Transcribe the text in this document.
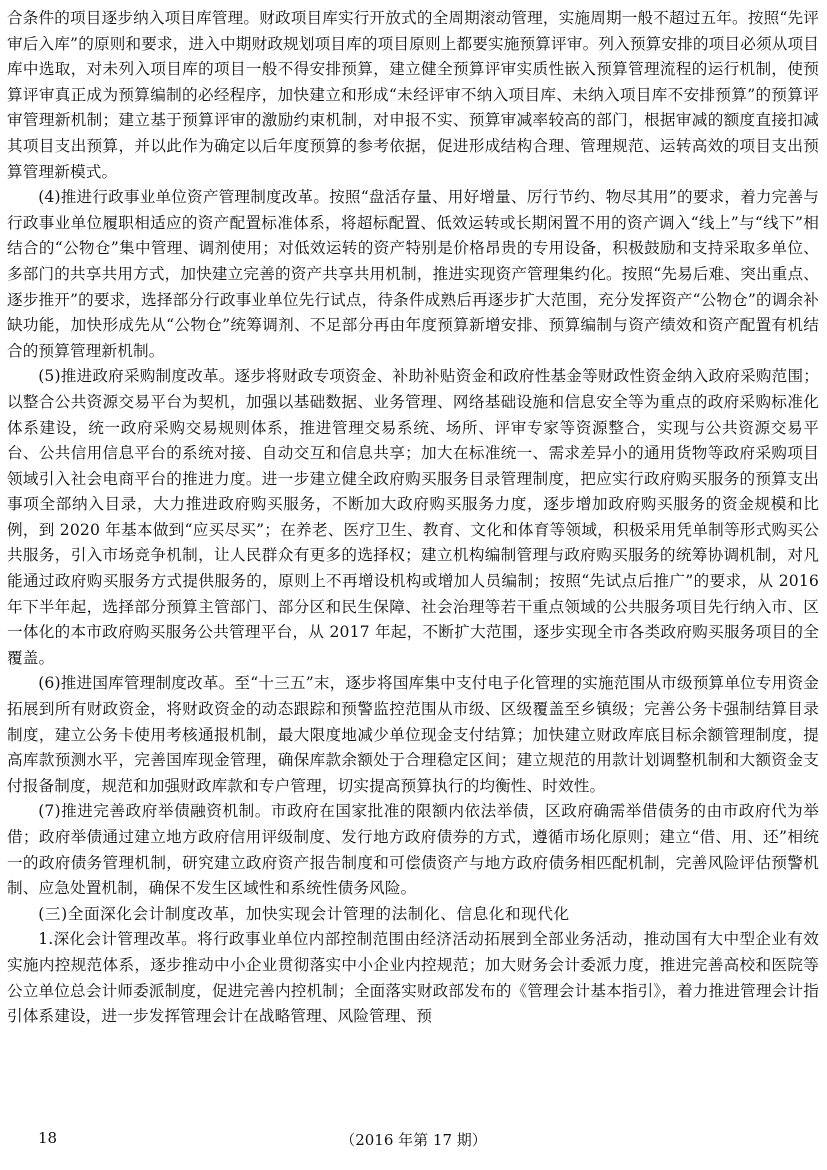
合条件的项目逐步纳入项目库管理。财政项目库实行开放式的全周期滚动管理，实施周期一般不超过五年。按照“先评审后入库”的原则和要求，进入中期财政规划项目库的项目原则上都要实施预算评审。列入预算安排的项目必须从项目库中选取，对未列入项目库的项目一般不得安排预算，建立健全预算评审实质性嵌入预算管理流程的运行机制，使预算评审真正成为预算编制的必经程序，加快建立和形成“未经评审不纳入项目库、未纳入项目库不安排预算”的预算评审管理新机制；建立基于预算评审的激励约束机制，对申报不实、预算审减率较高的部门，根据审减的额度直接扣减其项目支出预算，并以此作为确定以后年度预算的参考依据，促进形成结构合理、管理规范、运转高效的项目支出预算管理新模式。

(4)推进行政事业单位资产管理制度改革。按照“盘活存量、用好增量、厉行节约、物尽其用”的要求，着力完善与行政事业单位履职相适应的资产配置标准体系，将超标配置、低效运转或长期闲置不用的资产调入“线上”与“线下”相结合的“公物仓”集中管理、调剂使用；对低效运转的资产特别是价格昂贵的专用设备，积极鼓励和支持采取多单位、多部门的共享共用方式，加快建立完善的资产共享共用机制，推进实现资产管理集约化。按照“先易后难、突出重点、逐步推开”的要求，选择部分行政事业单位先行试点，待条件成熟后再逐步扩大范围，充分发挥资产“公物仓”的调余补缺功能，加快形成先从“公物仓”统筹调剂、不足部分再由年度预算新增安排、预算编制与资产绩效和资产配置有机结合的预算管理新机制。

(5)推进政府采购制度改革。逐步将财政专项资金、补助补贴资金和政府性基金等财政性资金纳入政府采购范围；以整合公共资源交易平台为契机，加强以基础数据、业务管理、网络基础设施和信息安全等为重点的政府采购标准化体系建设，统一政府采购交易规则体系，推进管理交易系统、场所、评审专家等资源整合，实现与公共资源交易平台、公共信用信息平台的系统对接、自动交互和信息共享；加大在标准统一、需求差异小的通用货物等政府采购项目领域引入社会电商平台的推进力度。进一步建立健全政府购买服务目录管理制度，把应实行政府购买服务的预算支出事项全部纳入目录，大力推进政府购买服务，不断加大政府购买服务力度，逐步增加政府购买服务的资金规模和比例，到 2020 年基本做到“应买尽买”；在养老、医疗卫生、教育、文化和体育等领域，积极采用凭单制等形式购买公共服务，引入市场竞争机制，让人民群众有更多的选择权；建立机构编制管理与政府购买服务的统筹协调机制，对凡能通过政府购买服务方式提供服务的，原则上不再增设机构或增加人员编制；按照“先试点后推广”的要求，从 2016 年下半年起，选择部分预算主管部门、部分区和民生保障、社会治理等若干重点领域的公共服务项目先行纳入市、区一体化的本市政府购买服务公共管理平台，从 2017 年起，不断扩大范围，逐步实现全市各类政府购买服务项目的全覆盖。

(6)推进国库管理制度改革。至“十三五”末，逐步将国库集中支付电子化管理的实施范围从市级预算单位专用资金拓展到所有财政资金，将财政资金的动态跟踪和预警监控范围从市级、区级覆盖至乡镇级；完善公务卡强制结算目录制度，建立公务卡使用考核通报机制，最大限度地减少单位现金支付结算；加快建立财政库底目标余额管理制度，提高库款预测水平，完善国库现金管理，确保库款余额处于合理稳定区间；建立规范的用款计划调整机制和大额资金支付报备制度，规范和加强财政库款和专户管理，切实提高预算执行的均衡性、时效性。

(7)推进完善政府举债融资机制。市政府在国家批准的限额内依法举债，区政府确需举借债务的由市政府代为举借；政府举债通过建立地方政府信用评级制度、发行地方政府债券的方式，遵循市场化原则；建立“借、用、还”相统一的政府债务管理机制，研究建立政府资产报告制度和可偿债资产与地方政府债务相匹配机制，完善风险评估预警机制、应急处置机制，确保不发生区域性和系统性债务风险。

(三)全面深化会计制度改革，加快实现会计管理的法制化、信息化和现代化

1.深化会计管理改革。将行政事业单位内部控制范围由经济活动拓展到全部业务活动，推动国有大中型企业有效实施内控规范体系，逐步推动中小企业贯彻落实中小企业内控规范；加大财务会计委派力度，推进完善高校和医院等公立单位总会计师委派制度，促进完善内控机制；全面落实财政部发布的《管理会计基本指引》，着力推进管理会计指引体系建设，进一步发挥管理会计在战略管理、风险管理、预

18	（2016 年第 17 期）
